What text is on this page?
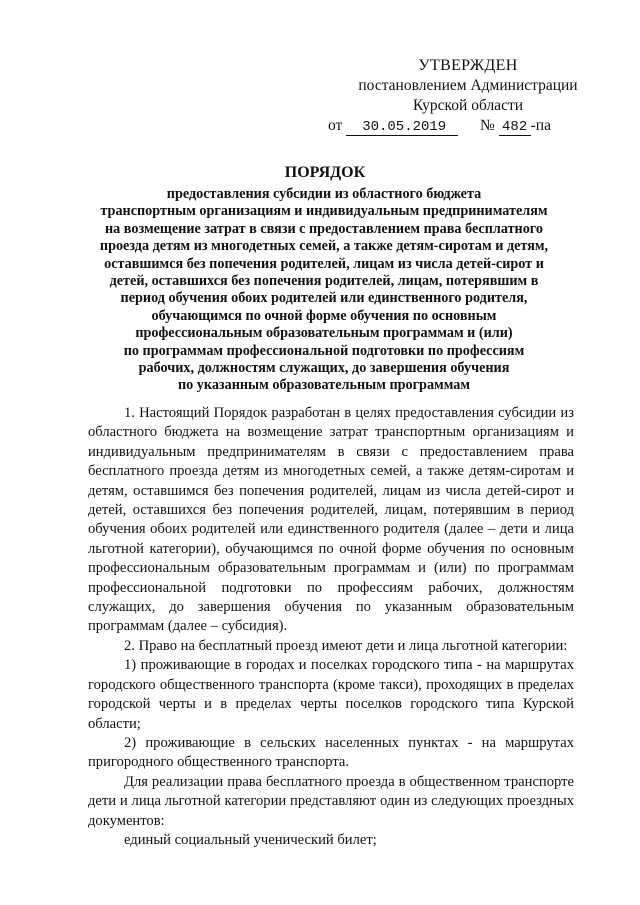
УТВЕРЖДЕН
постановлением Администрации
Курской области
от 30.05.2019 № 482 -па
ПОРЯДОК
предоставления субсидии из областного бюджета
транспортным организациям и индивидуальным предпринимателям
на возмещение затрат в связи с предоставлением права бесплатного
проезда детям из многодетных семей, а также детям-сиротам и детям,
оставшимся без попечения родителей, лицам из числа детей-сирот и
детей, оставшихся без попечения родителей, лицам, потерявшим в
период обучения обоих родителей или единственного родителя,
обучающимся по очной форме обучения по основным
профессиональным образовательным программам и (или)
по программам профессиональной подготовки по профессиям
рабочих, должностям служащих, до завершения обучения
по указанным образовательным программам

1. Настоящий Порядок разработан в целях предоставления субсидии из областного бюджета на возмещение затрат транспортным организациям и индивидуальным предпринимателям в связи с предоставлением права бесплатного проезда детям из многодетных семей, а также детям-сиротам и детям, оставшимся без попечения родителей, лицам из числа детей-сирот и детей, оставшихся без попечения родителей, лицам, потерявшим в период обучения обоих родителей или единственного родителя (далее – дети и лица льготной категории), обучающимся по очной форме обучения по основным профессиональным образовательным программам и (или) по программам профессиональной подготовки по профессиям рабочих, должностям служащих, до завершения обучения по указанным образовательным программам (далее – субсидия).

2. Право на бесплатный проезд имеют дети и лица льготной категории:

1) проживающие в городах и поселках городского типа - на маршрутах городского общественного транспорта (кроме такси), проходящих в пределах городской черты и в пределах черты поселков городского типа Курской области;

2) проживающие в сельских населенных пунктах - на маршрутах пригородного общественного транспорта.

Для реализации права бесплатного проезда в общественном транспорте дети и лица льготной категории представляют один из следующих проездных документов:

единый социальный ученический билет;
